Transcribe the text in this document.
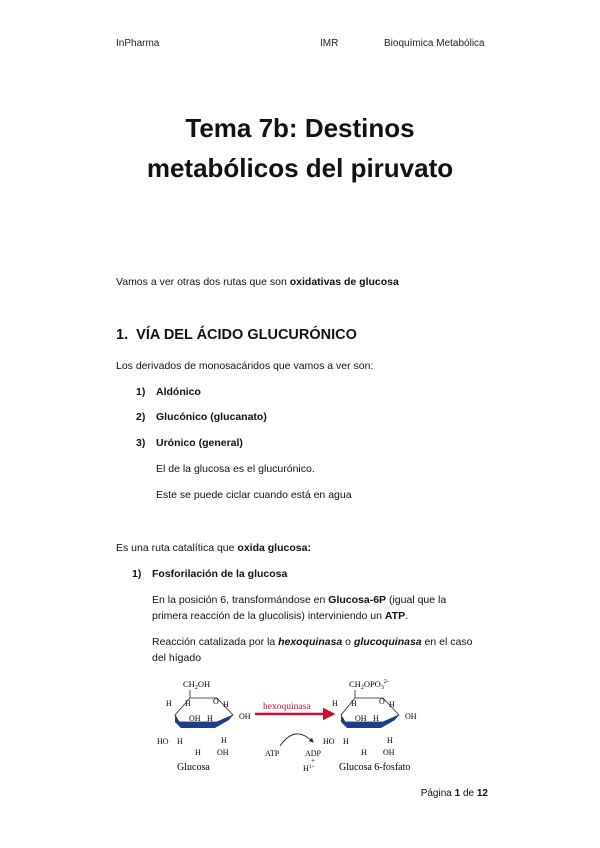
InPharma	IMR	Bioquímica Metabólica
Tema 7b: Destinos
metabólicos del piruvato
Vamos a ver otras dos rutas que son oxidativas de glucosa
1. VÍA DEL ÁCIDO GLUCURÓNICO
Los derivados de monosacáridos que vamos a ver son:
1) Aldónico
2) Glucónico (glucanato)
3) Urónico (general)
El de la glucosa es el glucurónico.
Este se puede ciclar cuando está en agua
Es una ruta catalítica que oxida glucosa:
1) Fosforilación de la glucosa
En la posición 6, transformándose en Glucosa-6P (igual que la
primera reacción de la glucolisis) interviniendo un ATP.
Reacción catalizada por la hexoquinasa o glucoquinasa en el caso
del hígado
$CH_2OH$
O
H H	H
OH H	OH
HO H	H
H OH
Glucosa
hexoquinasa
ATP	ADP
+
$H^{1+}$
$CH_2OPO_3^{2-}$
O
H H	H
OH H	OH
HO H	H
H OH
Glucosa 6-fosfato
Página 1 de 12
